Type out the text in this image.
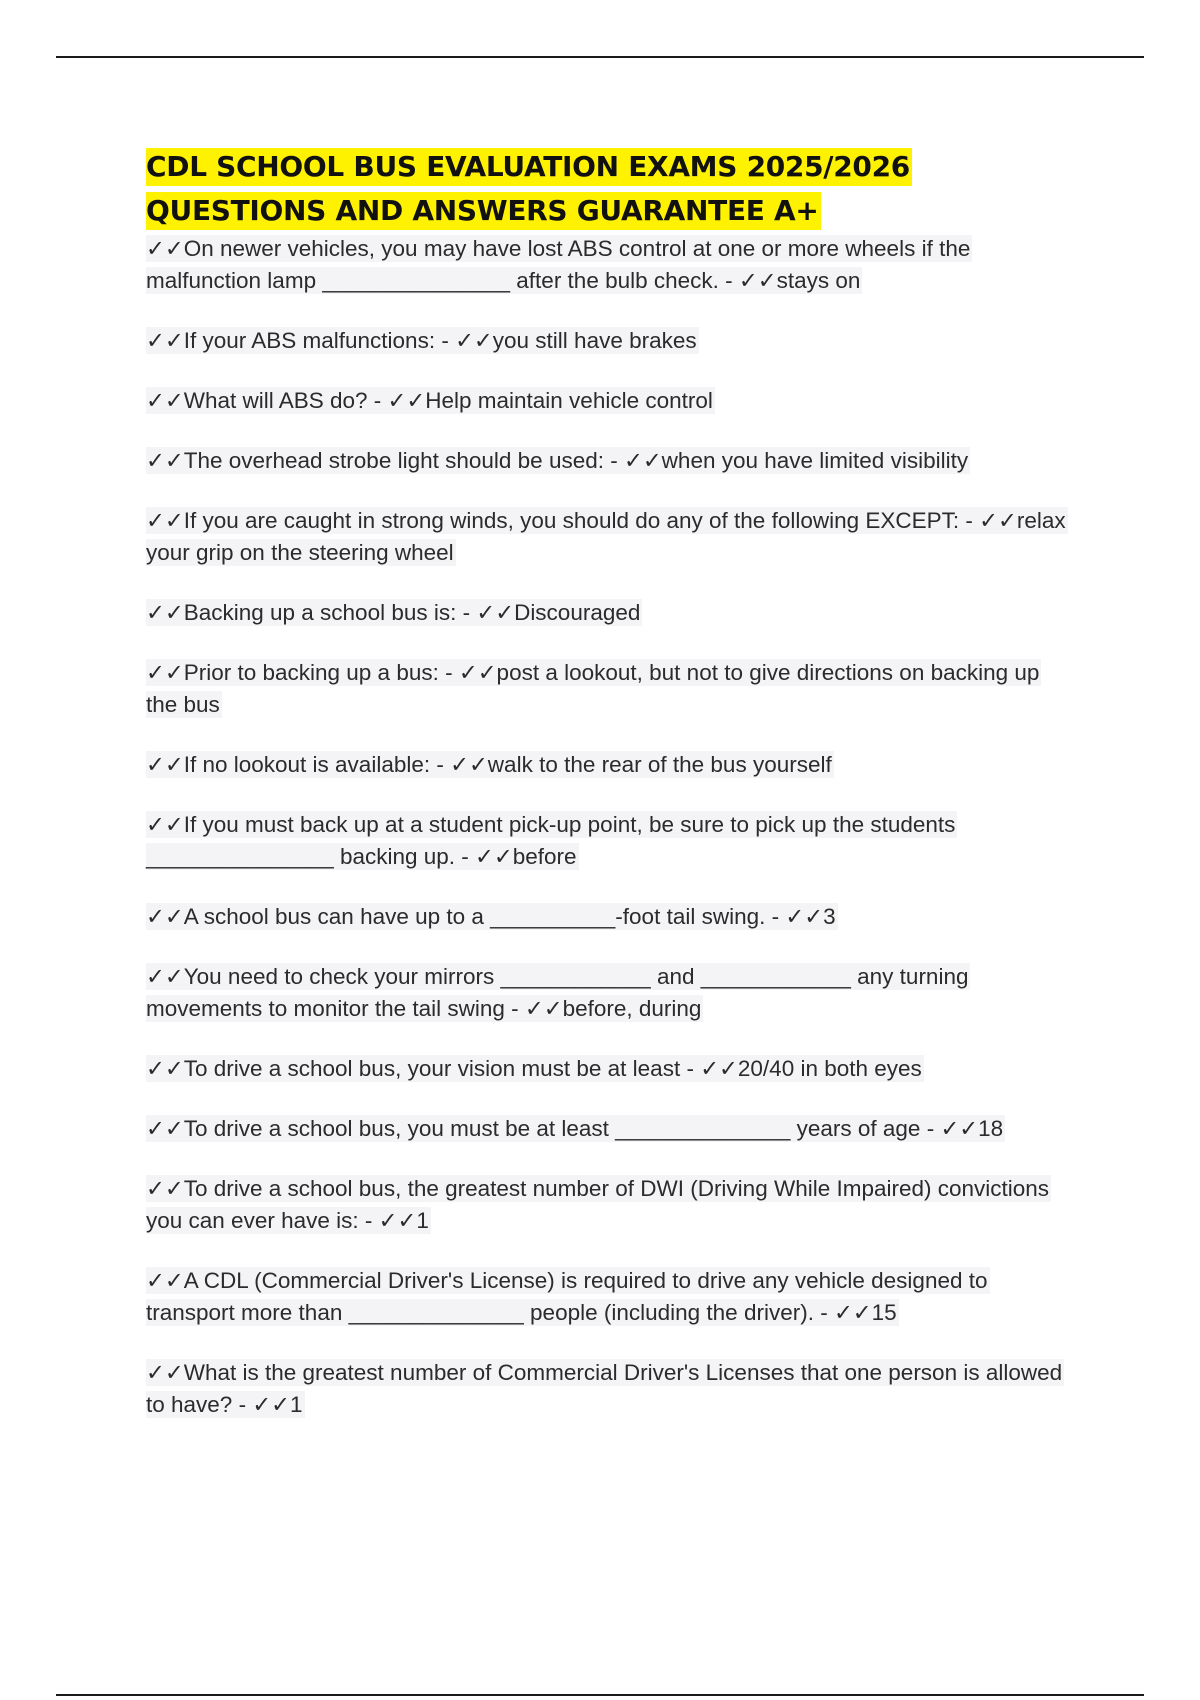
CDL SCHOOL BUS EVALUATION EXAMS 2025/2026
QUESTIONS AND ANSWERS GUARANTEE A+
✓✓On newer vehicles, you may have lost ABS control at one or more wheels if the malfunction lamp _______________ after the bulb check. - ✓✓stays on
✓✓If your ABS malfunctions: - ✓✓you still have brakes
✓✓What will ABS do? - ✓✓Help maintain vehicle control
✓✓The overhead strobe light should be used: - ✓✓when you have limited visibility
✓✓If you are caught in strong winds, you should do any of the following EXCEPT: - ✓✓relax your grip on the steering wheel
✓✓Backing up a school bus is: - ✓✓Discouraged
✓✓Prior to backing up a bus: - ✓✓post a lookout, but not to give directions on backing up the bus
✓✓If no lookout is available: - ✓✓walk to the rear of the bus yourself
✓✓If you must back up at a student pick-up point, be sure to pick up the students _______________ backing up. - ✓✓before
✓✓A school bus can have up to a __________-foot tail swing. - ✓✓3
✓✓You need to check your mirrors ____________ and ____________ any turning movements to monitor the tail swing - ✓✓before, during
✓✓To drive a school bus, your vision must be at least - ✓✓20/40 in both eyes
✓✓To drive a school bus, you must be at least ______________ years of age - ✓✓18
✓✓To drive a school bus, the greatest number of DWI (Driving While Impaired) convictions you can ever have is: - ✓✓1
✓✓A CDL (Commercial Driver's License) is required to drive any vehicle designed to transport more than ______________ people (including the driver). - ✓✓15
✓✓What is the greatest number of Commercial Driver's Licenses that one person is allowed to have? - ✓✓1
